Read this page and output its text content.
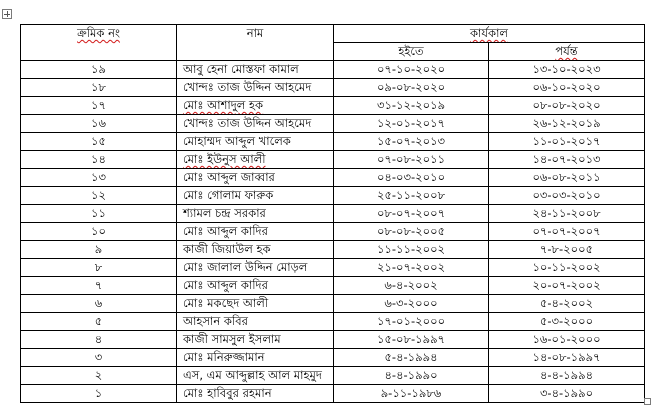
ক্রমিক নং	নাম	কার্যকাল	
		হইতে	পর্যন্ত
১৯	আবু হেনা মোস্তফা কামাল	০৭-১০-২০২০	১৩-১০-২০২৩
১৮	খোন্দঃ তাজ উদ্দিন আহমেদ	০৯-০৮-২০২০	০৬-১০-২০২০
১৭	মোঃ আশাদুল হক	৩১-১২-২০১৯	০৮-০৮-২০২০
১৬	খোন্দঃ তাজ উদ্দিন আহমেদ	১২-০১-২০১৭	২৬-১২-২০১৯
১৫	মোহাম্মদ আব্দুল খালেক	১৫-০৭-২০১৩	১১-০১-২০১৭
১৪	মোঃ ইউনুস আলী	০৭-০৮-২০১১	১৪-০৭-২০১৩
১৩	মোঃ আব্দুল জাব্বার	০৪-০৩-২০১০	০৬-০৮-২০১১
১২	মোঃ গোলাম ফারুক	২৫-১১-২০০৮	০৩-০৩-২০১০
১১	শ্যামল চন্দ্র সরকার	০৮-০৭-২০০৭	২৪-১১-২০০৮
১০	মোঃ আব্দুল কাদির	০৮-০৮-২০০৫	০৭-০৭-২০০৭
৯	কাজী জিয়াউল হক	১১-১১-২০০২	৭-৮-২০০৫
৮	মোঃ জালাল উদ্দিন মোড়ল	২১-০৭-২০০২	১০-১১-২০০২
৭	মোঃ আব্দুল কাদির	৬-৪-২০০২	২০-০৭-২০০২
৬	মোঃ মকছেদ আলী	৬-৩-২০০০	৫-৪-২০০২
৫	আহসান কবির	১৭-০১-২০০০	৫-৩-২০০০
৪	কাজী সামসুল ইসলাম	১৫-০৮-১৯৯৭	১৬-০১-২০০০
৩	মোঃ মনিরুজ্জামান	৫-৪-১৯৯৪	১৪-০৮-১৯৯৭
২	এস, এম আব্দুল্লাহ আল মাহমুদ	৪-৪-১৯৯০	৪-৪-১৯৯৪
১	মোঃ হাবিবুর রহমান	৯-১১-১৯৮৬	৩-৪-১৯৯০
